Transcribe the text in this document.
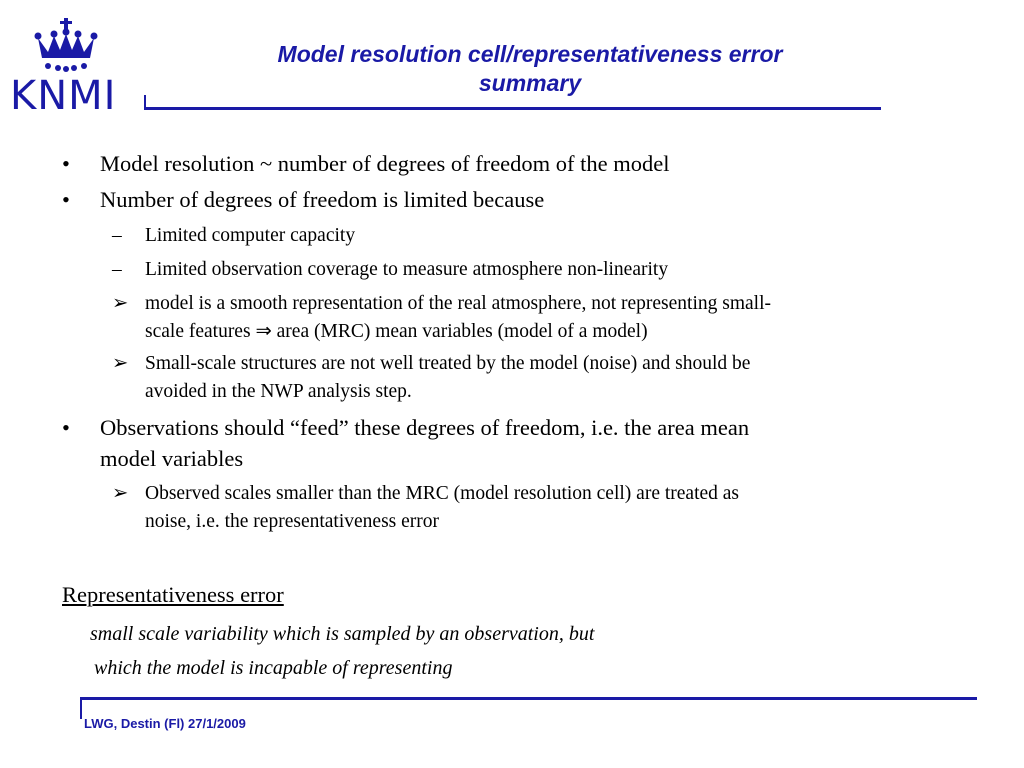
KNMI
Model resolution cell/representativeness error
summary
• Model resolution ~ number of degrees of freedom of the model
• Number of degrees of freedom is limited because
– Limited computer capacity
– Limited observation coverage to measure atmosphere non-linearity
➢ model is a smooth representation of the real atmosphere, not representing small-
scale features ⇒ area (MRC) mean variables (model of a model)
➢ Small-scale structures are not well treated by the model (noise) and should be
avoided in the NWP analysis step.
• Observations should “feed” these degrees of freedom, i.e. the area mean
model variables
➢ Observed scales smaller than the MRC (model resolution cell) are treated as
noise, i.e. the representativeness error
Representativeness error
small scale variability which is sampled by an observation, but
which the model is incapable of representing
LWG, Destin (Fl) 27/1/2009
